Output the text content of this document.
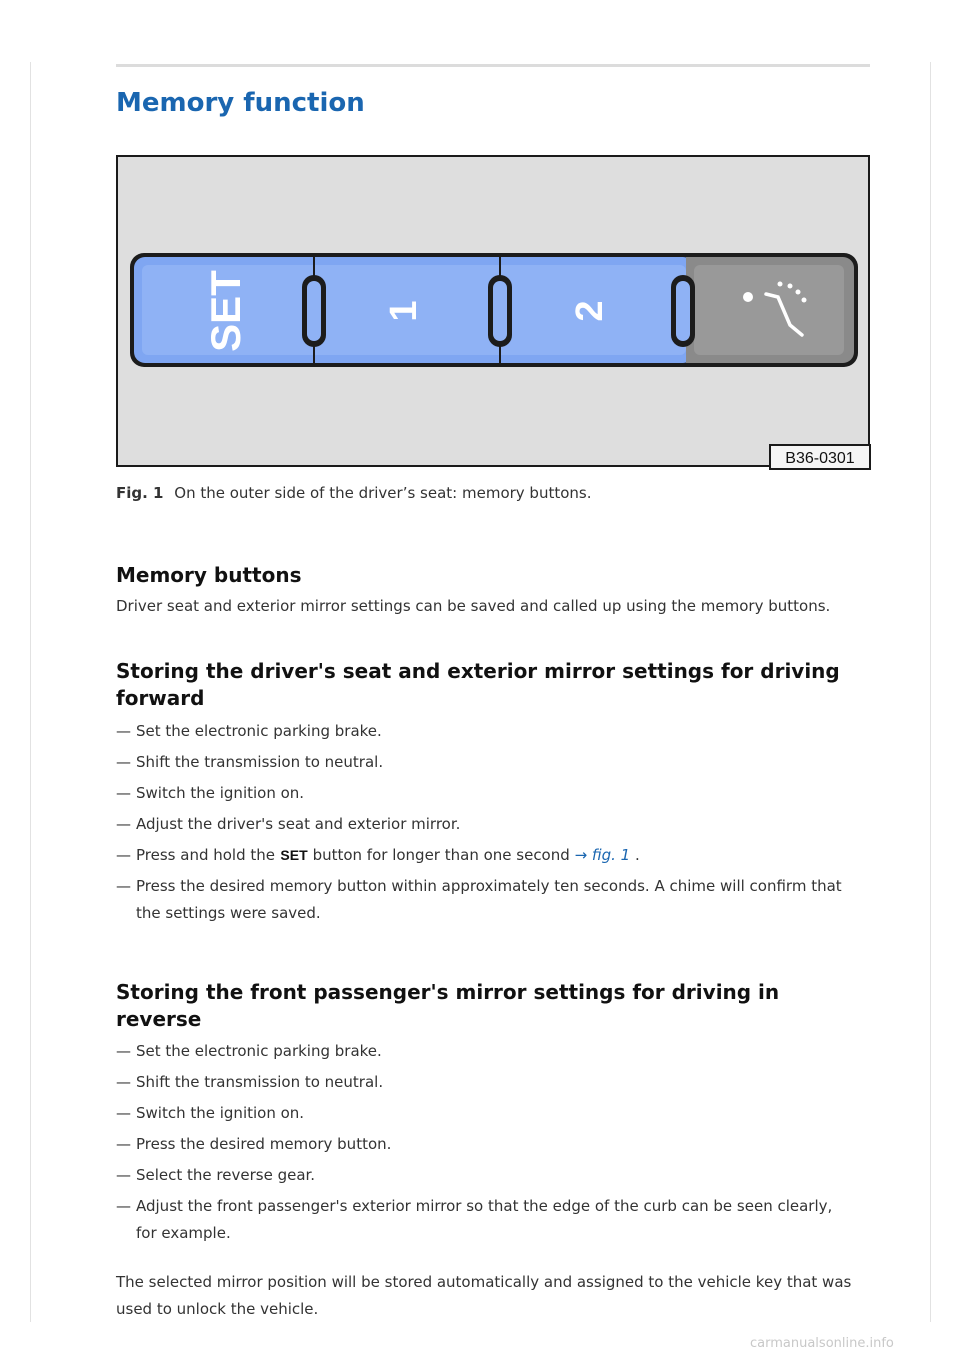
Memory function
SET	1	2
B36-0301
Fig. 1 On the outer side of the driver’s seat: memory buttons.
Memory buttons

Driver seat and exterior mirror settings can be saved and called up using the memory buttons.

Storing the driver's seat and exterior mirror settings for driving
forward
— Set the electronic parking brake.
— Shift the transmission to neutral.
— Switch the ignition on.
— Adjust the driver's seat and exterior mirror.
— Press and hold the SET button for longer than one second → fig. 1 .
— Press the desired memory button within approximately ten seconds. A chime will confirm that
the settings were saved.
Storing the front passenger's mirror settings for driving in
reverse
— Set the electronic parking brake.
— Shift the transmission to neutral.
— Switch the ignition on.
— Press the desired memory button.
— Select the reverse gear.
— Adjust the front passenger's exterior mirror so that the edge of the curb can be seen clearly,
for example.

The selected mirror position will be stored automatically and assigned to the vehicle key that was
used to unlock the vehicle.

carmanualsonline.info
